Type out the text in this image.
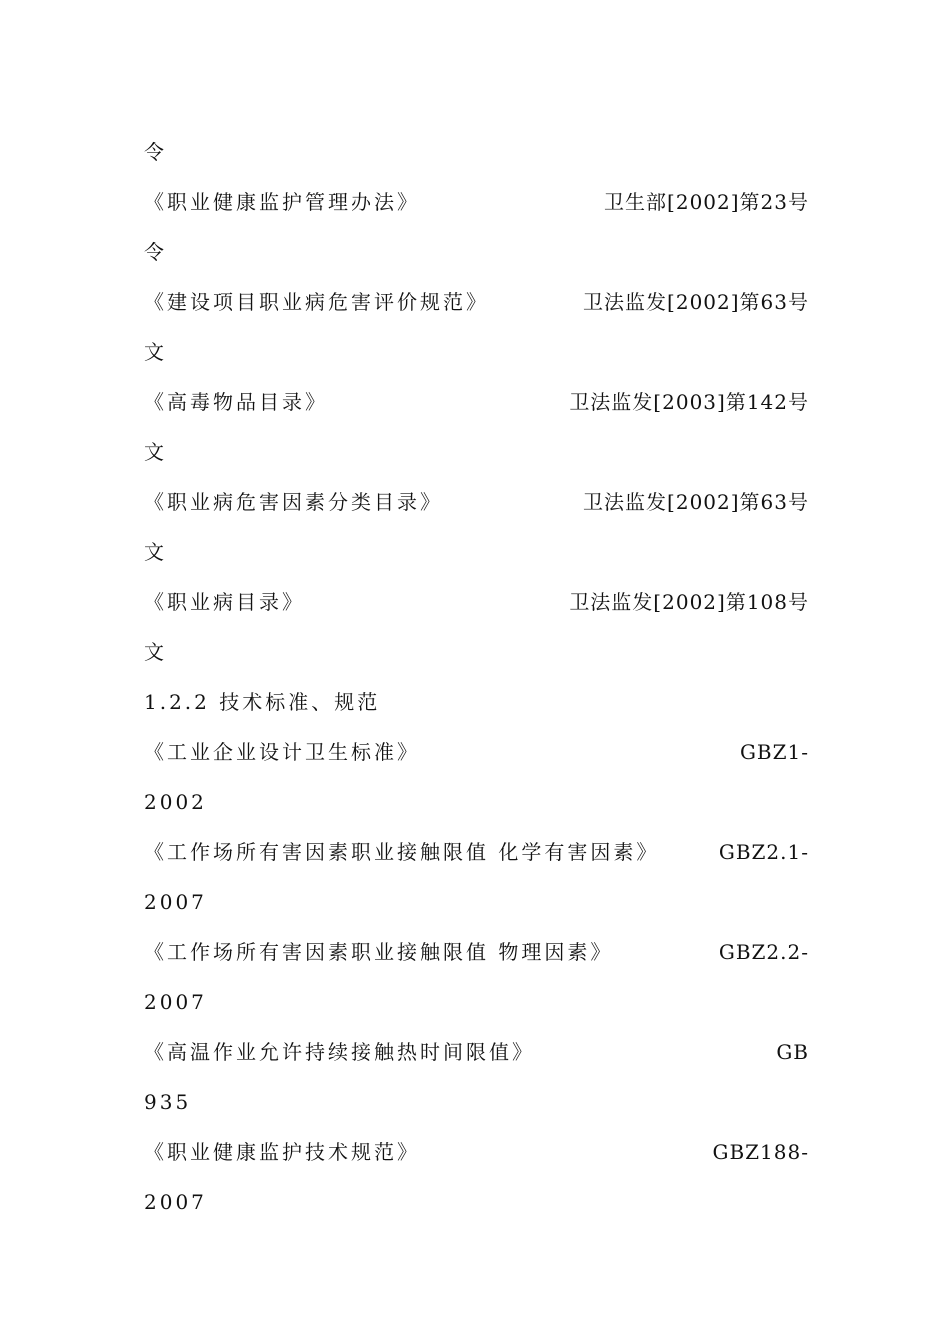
令
《职业健康监护管理办法》	卫生部[2002]第23号
令
《建设项目职业病危害评价规范》	卫法监发[2002]第63号
文
《高毒物品目录》	卫法监发[2003]第142号
文
《职业病危害因素分类目录》	卫法监发[2002]第63号
文
《职业病目录》	卫法监发[2002]第108号
文
1.2.2 技术标准、规范
《工业企业设计卫生标准》	GBZ1-
2002
《工作场所有害因素职业接触限值 化学有害因素》	GBZ2.1-
2007
《工作场所有害因素职业接触限值 物理因素》	GBZ2.2-
2007
《高温作业允许持续接触热时间限值》	GB
935
《职业健康监护技术规范》	GBZ188-
2007
